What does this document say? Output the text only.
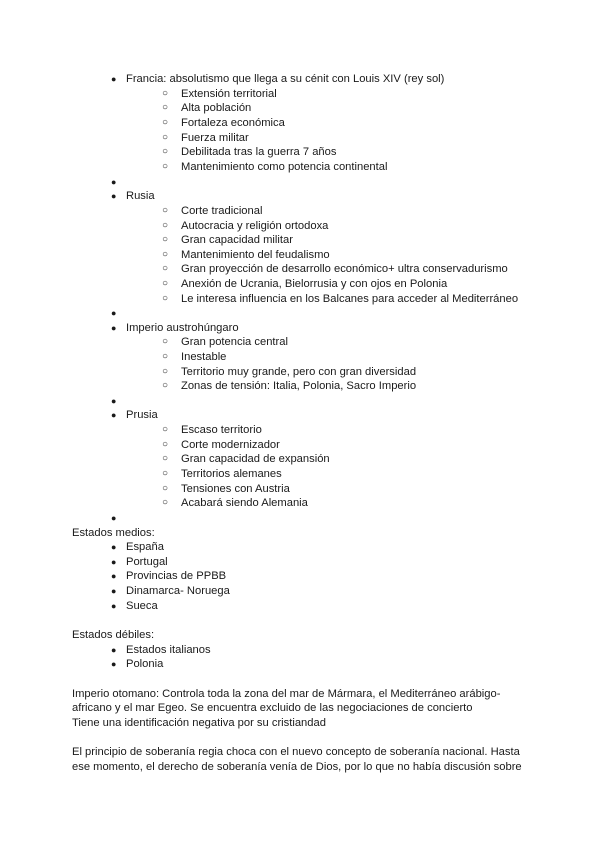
● Francia: absolutismo que llega a su cénit con Louis XIV (rey sol)
○ Extensión territorial
○ Alta población
○ Fortaleza económica
○ Fuerza militar
○ Debilitada tras la guerra 7 años
○ Mantenimiento como potencia continental
●
● Rusia
○ Corte tradicional
○ Autocracia y religión ortodoxa
○ Gran capacidad militar
○ Mantenimiento del feudalismo
○ Gran proyección de desarrollo económico+ ultra conservadurismo
○ Anexión de Ucrania, Bielorrusia y con ojos en Polonia
○ Le interesa influencia en los Balcanes para acceder al Mediterráneo
●
● Imperio austrohúngaro
○ Gran potencia central
○ Inestable
○ Territorio muy grande, pero con gran diversidad
○ Zonas de tensión: Italia, Polonia, Sacro Imperio
●
● Prusia
○ Escaso territorio
○ Corte modernizador
○ Gran capacidad de expansión
○ Territorios alemanes
○ Tensiones con Austria
○ Acabará siendo Alemania
●
Estados medios:
● España
● Portugal
● Provincias de PPBB
● Dinamarca- Noruega
● Sueca
Estados débiles:
● Estados italianos
● Polonia
Imperio otomano: Controla toda la zona del mar de Mármara, el Mediterráneo arábigo-
africano y el mar Egeo. Se encuentra excluido de las negociaciones de concierto
Tiene una identificación negativa por su cristiandad
El principio de soberanía regia choca con el nuevo concepto de soberanía nacional. Hasta
ese momento, el derecho de soberanía venía de Dios, por lo que no había discusión sobre
